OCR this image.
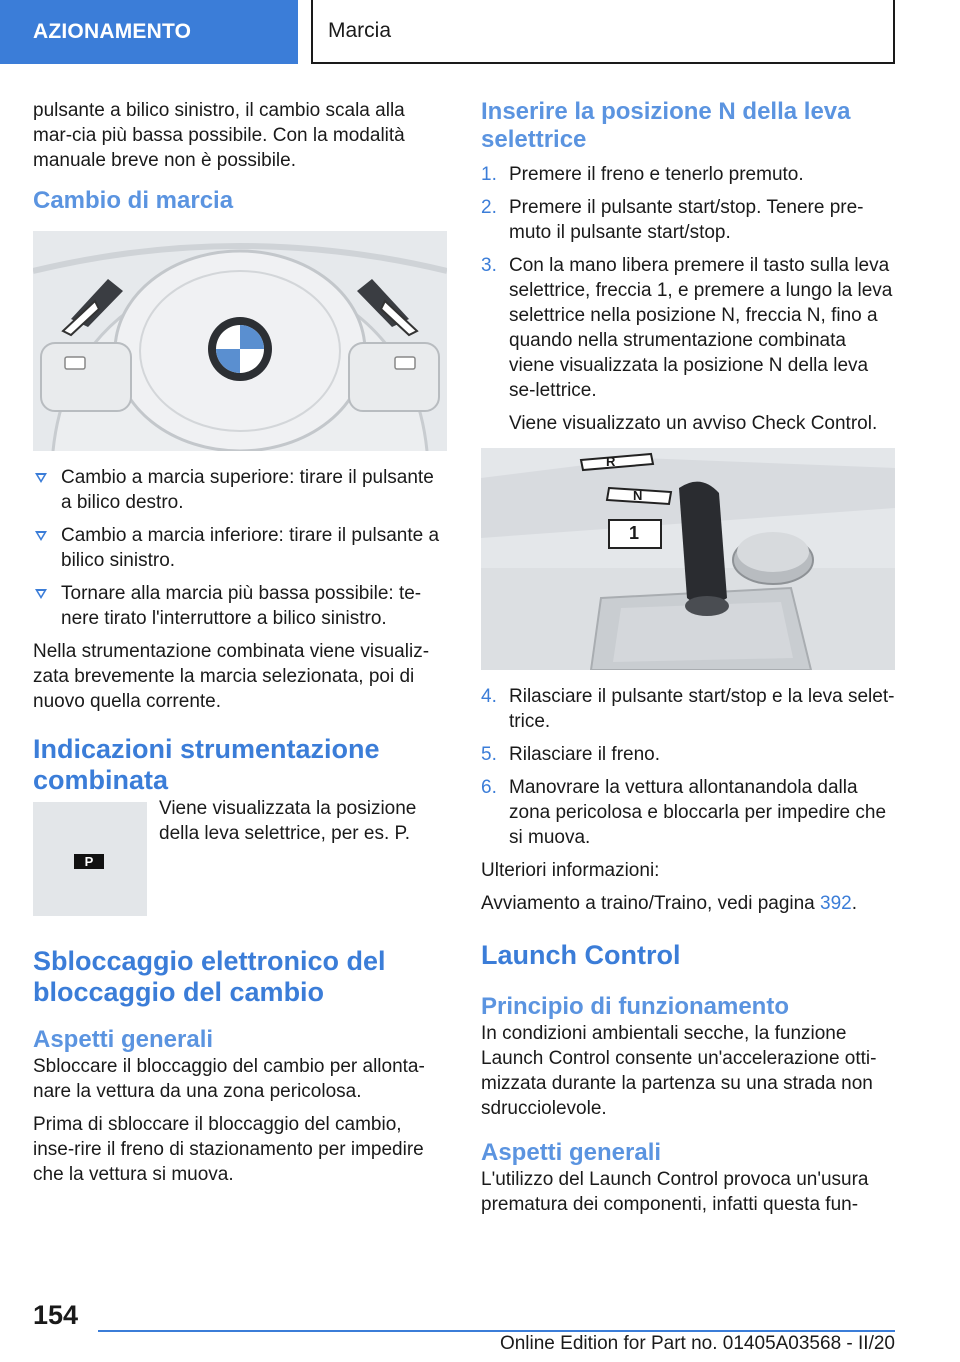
AZIONAMENTO	Marcia

pulsante a bilico sinistro, il cambio scala alla mar-cia più bassa possibile. Con la modalità manuale breve non è possibile.

Cambio di marcia
Cambio a marcia superiore: tirare il pulsante a bilico destro.
Cambio a marcia inferiore: tirare il pulsante a bilico sinistro.
Tornare alla marcia più bassa possibile: te-nere tirato l'interruttore a bilico sinistro.

Nella strumentazione combinata viene visualiz-zata brevemente la marcia selezionata, poi di nuovo quella corrente.

Indicazioni strumentazione combinata
P

Viene visualizzata la posizione della leva selettrice, per es. P.

Sbloccaggio elettronico del bloccaggio del cambio
Aspetti generali

Sbloccare il bloccaggio del cambio per allonta-nare la vettura da una zona pericolosa.

Prima di sbloccare il bloccaggio del cambio, inse-rire il freno di stazionamento per impedire che la vettura si muova.

Inserire la posizione N della leva selettrice
1. Premere il freno e tenerlo premuto.
2. Premere il pulsante start/stop. Tenere pre-muto il pulsante start/stop.
3. Con la mano libera premere il tasto sulla leva selettrice, freccia 1, e premere a lungo la leva selettrice nella posizione N, freccia N, fino a quando nella strumentazione combinata viene visualizzata la posizione N della leva se-lettrice.

Viene visualizzato un avviso Check Control.

R
N
1
4. Rilasciare il pulsante start/stop e la leva selet-trice.
5. Rilasciare il freno.
6. Manovrare la vettura allontanandola dalla zona pericolosa e bloccarla per impedire che si muova.

Ulteriori informazioni:

Avviamento a traino/Traino, vedi pagina 392.

Launch Control
Principio di funzionamento

In condizioni ambientali secche, la funzione Launch Control consente un'accelerazione otti-mizzata durante la partenza su una strada non sdrucciolevole.

Aspetti generali

L'utilizzo del Launch Control provoca un'usura prematura dei componenti, infatti questa fun-

154
Online Edition for Part no. 01405A03568 - II/20
